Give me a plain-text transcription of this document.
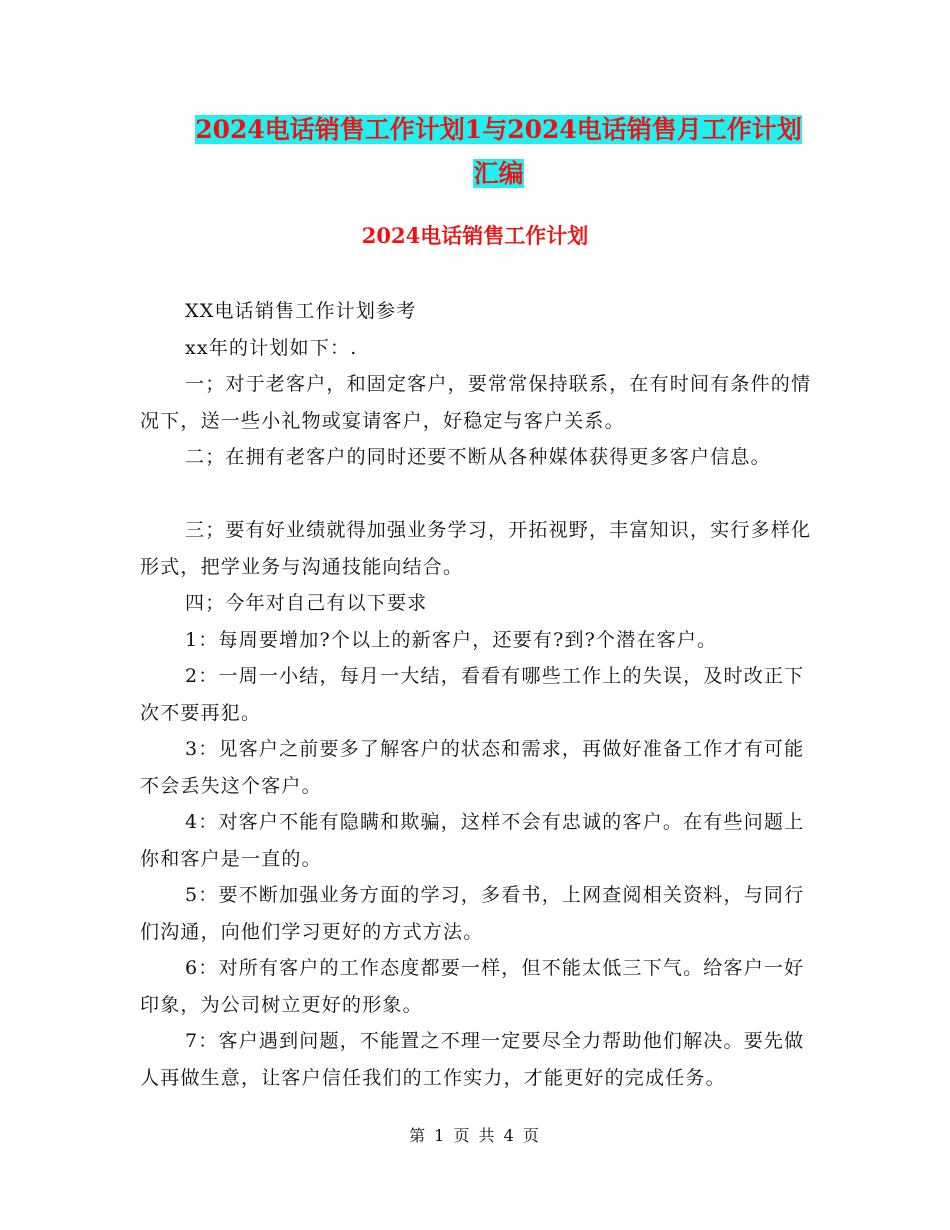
2024电话销售工作计划1与2024电话销售月工作计划
汇编
2024电话销售工作计划

XX电话销售工作计划参考

xx年的计划如下：.

一；对于老客户，和固定客户，要常常保持联系，在有时间有条件的情况下，送一些小礼物或宴请客户，好稳定与客户关系。

二；在拥有老客户的同时还要不断从各种媒体获得更多客户信息。

三；要有好业绩就得加强业务学习，开拓视野，丰富知识，实行多样化形式，把学业务与沟通技能向结合。

四；今年对自己有以下要求

1：每周要增加?个以上的新客户，还要有?到?个潜在客户。

2：一周一小结，每月一大结，看看有哪些工作上的失误，及时改正下次不要再犯。

3：见客户之前要多了解客户的状态和需求，再做好准备工作才有可能不会丢失这个客户。

4：对客户不能有隐瞒和欺骗，这样不会有忠诚的客户。在有些问题上你和客户是一直的。

5：要不断加强业务方面的学习，多看书，上网查阅相关资料，与同行们沟通，向他们学习更好的方式方法。

6：对所有客户的工作态度都要一样，但不能太低三下气。给客户一好印象，为公司树立更好的形象。

7：客户遇到问题，不能置之不理一定要尽全力帮助他们解决。要先做人再做生意，让客户信任我们的工作实力，才能更好的完成任务。

第 1 页 共 4 页
